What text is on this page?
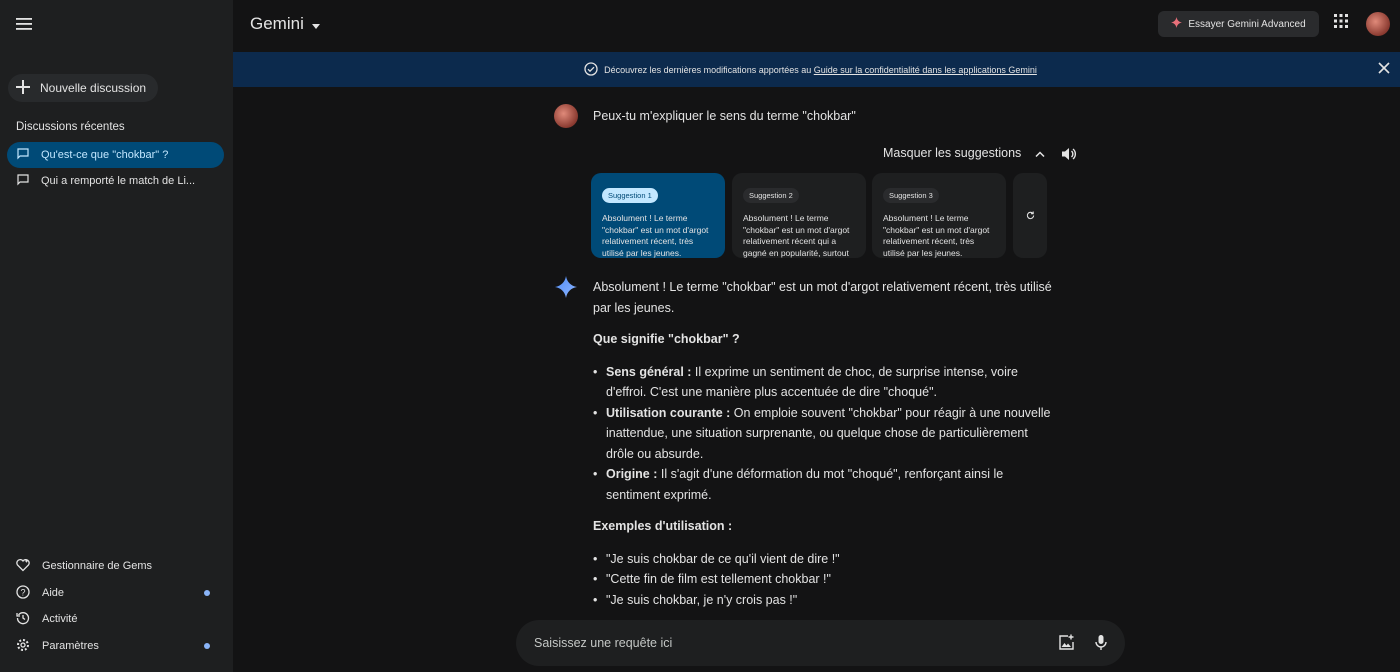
Nouvelle discussion
Discussions récentes
Qu'est-ce que "chokbar" ?
Qui a remporté le match de Li...
Gestionnaire de Gems
? Aide
Activité
Paramètres
Gemini	Essayer Gemini Advanced
Découvrez les dernières modifications apportées au Guide sur la confidentialité dans les applications Gemini
Peux-tu m'expliquer le sens du terme "chokbar"
Masquer les suggestions
Suggestion 1
Absolument ! Le terme "chokbar" est un mot d'argot relativement récent, très utilisé par les jeunes.
Suggestion 2
Absolument ! Le terme "chokbar" est un mot d'argot relativement récent qui a gagné en popularité, surtout
Suggestion 3
Absolument ! Le terme "chokbar" est un mot d'argot relativement récent, très utilisé par les jeunes.

Absolument ! Le terme "chokbar" est un mot d'argot relativement récent, très utilisé par les jeunes.

Que signifie "chokbar" ?
• Sens général : Il exprime un sentiment de choc, de surprise intense, voire d'effroi. C'est une manière plus accentuée de dire "choqué".
• Utilisation courante : On emploie souvent "chokbar" pour réagir à une nouvelle inattendue, une situation surprenante, ou quelque chose de particulièrement drôle ou absurde.
• Origine : Il s'agit d'une déformation du mot "choqué", renforçant ainsi le sentiment exprimé.
Exemples d'utilisation :
• "Je suis chokbar de ce qu'il vient de dire !"
• "Cette fin de film est tellement chokbar !"
• "Je suis chokbar, je n'y crois pas !"
Saisissez une requête ici
